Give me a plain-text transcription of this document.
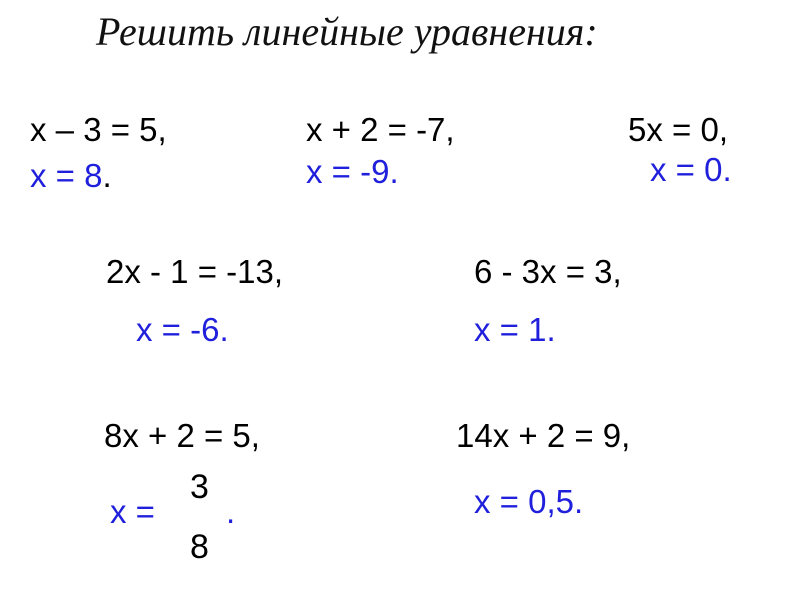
Решить линейные уравнения:
x – 3 = 5,
x = 8.
x + 2 = -7,
x = -9.
5x = 0,
x = 0.
2x - 1 = -13,
x = -6.
6 - 3x = 3,
x = 1.
8x + 2 = 5,
x =
3
8
.
14x + 2 = 9,
x = 0,5.
